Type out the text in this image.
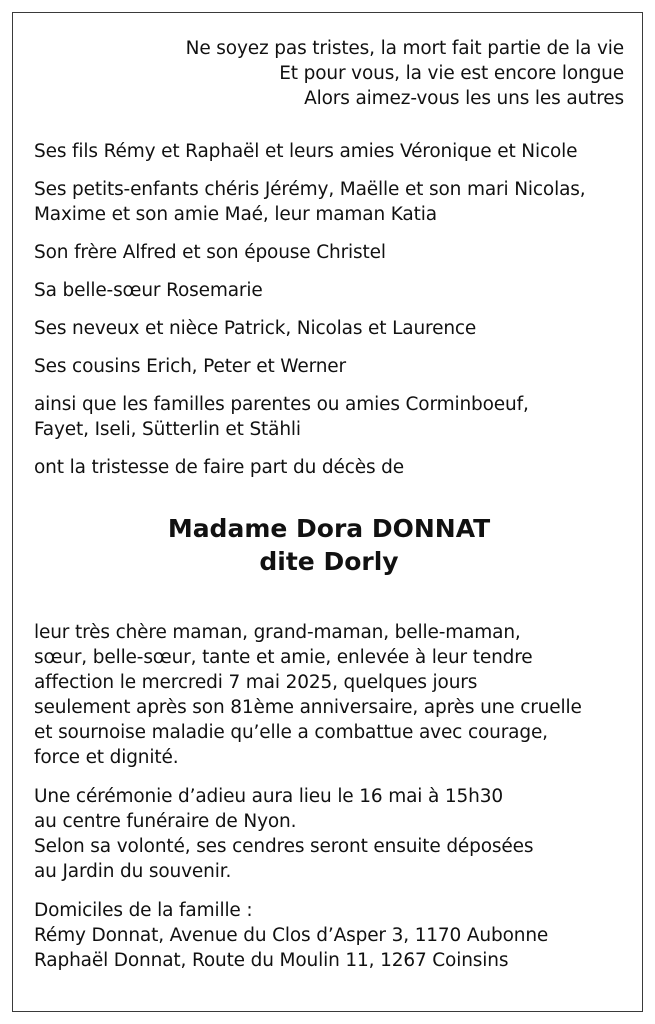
Ne soyez pas tristes, la mort fait partie de la vie
Et pour vous, la vie est encore longue
Alors aimez-vous les uns les autres

Ses fils Rémy et Raphaël et leurs amies Véronique et Nicole

Ses petits-enfants chéris Jérémy, Maëlle et son mari Nicolas,
Maxime et son amie Maé, leur maman Katia

Son frère Alfred et son épouse Christel

Sa belle-sœur Rosemarie

Ses neveux et nièce Patrick, Nicolas et Laurence

Ses cousins Erich, Peter et Werner

ainsi que les familles parentes ou amies Corminboeuf,
Fayet, Iseli, Sütterlin et Stähli

ont la tristesse de faire part du décès de

Madame Dora DONNAT
dite Dorly
leur très chère maman, grand-maman, belle-maman,
sœur, belle-sœur, tante et amie, enlevée à leur tendre
affection le mercredi 7 mai 2025, quelques jours
seulement après son 81ème anniversaire, après une cruelle
et sournoise maladie qu’elle a combattue avec courage,
force et dignité.
Une cérémonie d’adieu aura lieu le 16 mai à 15h30
au centre funéraire de Nyon.
Selon sa volonté, ses cendres seront ensuite déposées
au Jardin du souvenir.
Domiciles de la famille :
Rémy Donnat, Avenue du Clos d’Asper 3, 1170 Aubonne
Raphaël Donnat, Route du Moulin 11, 1267 Coinsins
